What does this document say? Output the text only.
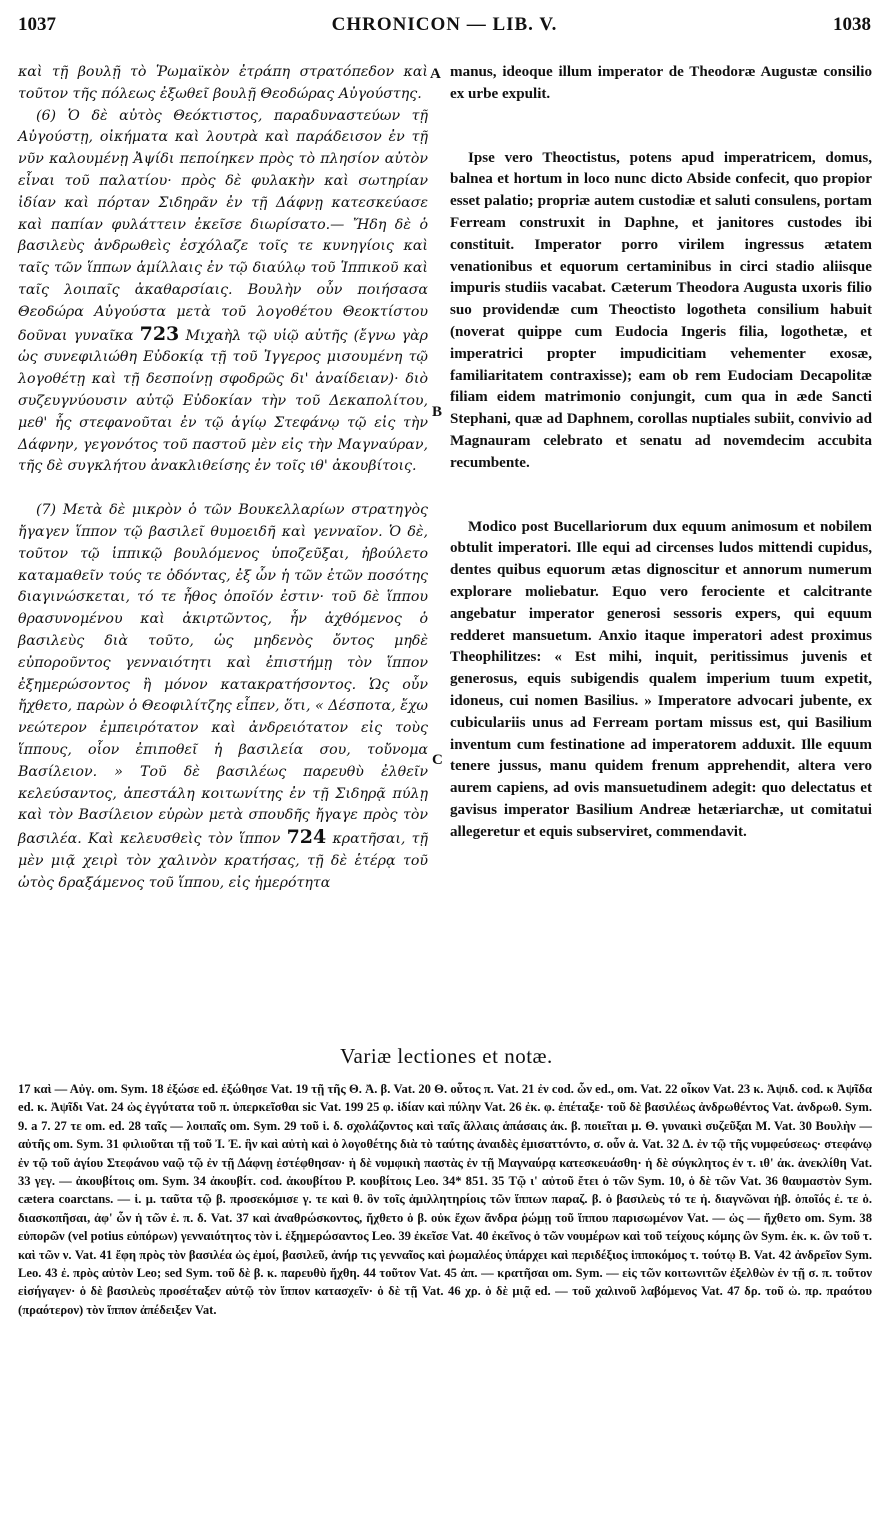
1037	CHRONICON — LIB. V.	1038

καὶ τῇ βουλῇ τὸ Ῥωμαϊκὸν ἐτράπη στρατόπεδον καὶ τοῦτον τῆς πόλεως ἐξωθεῖ βουλῇ Θεοδώρας Αὐγούστης.

(6) Ὁ δὲ αὐτὸς Θεόκτιστος, παραδυναστεύων τῇ Αὐγούστῃ, οἰκήματα καὶ λουτρὰ καὶ παράδεισον ἐν τῇ νῦν καλουμένῃ Ἀψίδι πεποίηκεν πρὸς τὸ πλησίον αὐτὸν εἶναι τοῦ παλατίου· πρὸς δὲ φυλακὴν καὶ σωτηρίαν ἰδίαν καὶ πόρταν Σιδηρᾶν ἐν τῇ Δάφνῃ κατεσκεύασε καὶ παπίαν φυλάττειν ἐκεῖσε διωρίσατο.— Ἤδη δὲ ὁ βασιλεὺς ἀνδρωθεὶς ἐσχόλαζε τοῖς τε κυνηγίοις καὶ ταῖς τῶν ἵππων ἁμίλλαις ἐν τῷ διαύλῳ τοῦ Ἱππικοῦ καὶ ταῖς λοιπαῖς ἀκαθαρσίαις. Βουλὴν οὖν ποιήσασα Θεοδώρα Αὐγούστα μετὰ τοῦ λογοθέτου Θεοκτίστου δοῦναι γυναῖκα 723 Μιχαὴλ τῷ υἱῷ αὐτῆς (ἔγνω γὰρ ὡς συνεφιλιώθη Εὐδοκίᾳ τῇ τοῦ Ἰγγερος μισουμένη τῷ λογοθέτῃ καὶ τῇ δεσποίνῃ σφοδρῶς δι' ἀναίδειαν)· διὸ συζευγνύουσιν αὐτῷ Εὐδοκίαν τὴν τοῦ Δεκαπολίτου, μεθ' ἧς στεφανοῦται ἐν τῷ ἁγίῳ Στεφάνῳ τῷ εἰς τὴν Δάφνην, γεγονότος τοῦ παστοῦ μὲν εἰς τὴν Μαγναύραν, τῆς δὲ συγκλήτου ἀνακλιθείσης ἐν τοῖς ιθ' ἀκουβίτοις.

(7) Μετὰ δὲ μικρὸν ὁ τῶν Βουκελλαρίων στρατηγὸς ἤγαγεν ἵππον τῷ βασιλεῖ θυμοειδῆ καὶ γενναῖον. Ὁ δὲ, τοῦτον τῷ ἱππικῷ βουλόμενος ὑποζεῦξαι, ἠβούλετο καταμαθεῖν τούς τε ὀδόντας, ἐξ ὧν ἡ τῶν ἐτῶν ποσότης διαγινώσκεται, τό τε ἦθος ὁποῖόν ἐστιν· τοῦ δὲ ἵππου θρασυνομένου καὶ ἀκιρτῶντος, ἦν ἀχθόμενος ὁ βασιλεὺς διὰ τοῦτο, ὡς μηδενὸς ὄντος μηδὲ εὐποροῦντος γενναιότητι καὶ ἐπιστήμῃ τὸν ἵππον ἐξημερώσοντος ἢ μόνον κατακρατήσοντος. Ὡς οὖν ἤχθετο, παρὼν ὁ Θεοφιλίτζης εἶπεν, ὅτι, « Δέσποτα, ἔχω νεώτερον ἐμπειρότατον καὶ ἀνδρειότατον εἰς τοὺς ἵππους, οἷον ἐπιποθεῖ ἡ βασιλεία σου, τοὔνομα Βασίλειον. » Τοῦ δὲ βασιλέως παρευθὺ ἐλθεῖν κελεύσαντος, ἀπεστάλη κοιτωνίτης ἐν τῇ Σιδηρᾷ πύλῃ καὶ τὸν Βασίλειον εὑρὼν μετὰ σπουδῆς ἤγαγε πρὸς τὸν βασιλέα. Καὶ κελευσθεὶς τὸν ἵππον 724 κρατῆσαι, τῇ μὲν μιᾷ χειρὶ τὸν χαλινὸν κρατήσας, τῇ δὲ ἑτέρᾳ τοῦ ὠτὸς δραξάμενος τοῦ ἵππου, εἰς ἡμερότητα

A
B
C

manus, ideoque illum imperator de Theodoræ Augustæ consilio ex urbe expulit.

Ipse vero Theoctistus, potens apud imperatricem, domus, balnea et hortum in loco nunc dicto Abside confecit, quo propior esset palatio; propriæ autem custodiæ et saluti consulens, portam Ferream construxit in Daphne, et janitores custodes ibi constituit. Imperator porro virilem ingressus ætatem venationibus et equorum certaminibus in circi stadio aliisque impuris studiis vacabat. Cæterum Theodora Augusta uxoris filio suo providendæ cum Theoctisto logotheta consilium habuit (noverat quippe cum Eudocia Ingeris filia, logothetæ, et imperatrici propter impudicitiam vehementer exosæ, familiaritatem contraxisse); eam ob rem Eudociam Decapolitæ filiam eidem matrimonio conjungit, cum qua in æde Sancti Stephani, quæ ad Daphnem, corollas nuptiales subiit, convivio ad Magnauram celebrato et senatu ad novemdecim accubita recumbente.

Modico post Bucellariorum dux equum animosum et nobilem obtulit imperatori. Ille equi ad circenses ludos mittendi cupidus, dentes quibus equorum ætas dignoscitur et annorum numerum explorare moliebatur. Equo vero ferociente et calcitrante angebatur imperator generosi sessoris expers, qui equum redderet mansuetum. Anxio itaque imperatori adest proximus Theophilitzes: « Est mihi, inquit, peritissimus juvenis et generosus, equis subigendis qualem imperium tuum expetit, idoneus, cui nomen Basilius. » Imperatore advocari jubente, ex cubiculariis unus ad Ferream portam missus est, qui Basilium inventum cum festinatione ad imperatorem adduxit. Ille equum tenere jussus, manu quidem frenum apprehendit, altera vero aurem capiens, ad ovis mansuetudinem adegit: quo delectatus et gavisus imperator Basilium Andreæ hetæriarchæ, ut comitatui allegeretur et equis subserviret, commendavit.

Variæ lectiones et notæ.
17 καὶ — Αὐγ. om. Sym. 18 ἐξώσε ed. ἐξώθησε Vat. 19 τῇ τῆς Θ. Ἀ. β. Vat. 20 Θ. οὗτος π. Vat. 21 ἐν cod. ὧν ed., om. Vat. 22 οἶκον Vat. 23 κ. Ἀψιδ. cod. κ Ἀψῖδα ed. κ. Ἀψῖδι Vat. 24 ὡς ἐγγύτατα τοῦ π. ὑπερκεῖσθαι sic Vat. 199 25 φ. ἰδίαν καὶ πύλην Vat. 26 ἐκ. φ. ἐπέταξε· τοῦ δὲ βασιλέως ἀνδρωθέντος Vat. ἀνδρωθ. Sym. 9. a 7. 27 τε om. ed. 28 ταῖς — λοιπαῖς om. Sym. 29 τοῦ ἱ. δ. σχολάζοντος καὶ ταῖς ἄλλαις ἁπάσαις ἀκ. β. ποιεῖται μ. Θ. γυναικὶ συζεῦξαι M. Vat. 30 Βουλὴν — αὐτῆς om. Sym. 31 φιλιοῦται τῇ τοῦ Ἰ. Ἐ. ἣν καὶ αὐτὴ καὶ ὁ λογοθέτης διὰ τὸ ταύτης ἀναιδὲς ἐμισαττόντο, σ. οὖν ἀ. Vat. 32 Δ. ἐν τῷ τῆς νυμφεύσεως· στεφάνῳ ἐν τῷ τοῦ ἁγίου Στεφάνου ναῷ τῷ ἐν τῇ Δάφνῃ ἐστέφθησαν· ἡ δὲ νυμφικὴ παστὰς ἐν τῇ Μαγναύρᾳ κατεσκευάσθη· ἡ δὲ σύγκλητος ἐν τ. ιθ' ἀκ. ἀνεκλίθη Vat. 33 γεγ. — ἀκουβίτοις om. Sym. 34 ἀκουβίτ. cod. ἀκουβίτου P. κουβίτοις Leo. 34* 851. 35 Τῷ ι' αὐτοῦ ἔτει ὁ τῶν Sym. 10, ὁ δὲ τῶν Vat. 36 θαυμαστὸν Sym. cætera coarctans. — ἱ. μ. ταῦτα τῷ β. προσεκόμισε γ. τε καὶ θ. ὃν τοῖς ἁμιλλητηρίοις τῶν ἵππων παραζ. β. ὁ βασιλεὺς τό τε ἠ. διαγνῶναι ἠβ. ὁποῖός ἐ. τε ὁ. διασκοπῆσαι, ἀφ' ὧν ἡ τῶν ἐ. π. δ. Vat. 37 καὶ ἀναθρώσκοντος, ἤχθετο ὁ β. οὐκ ἔχων ἄνδρα ῥώμῃ τοῦ ἵππου παρισωμένον Vat. — ὡς — ἤχθετο om. Sym. 38 εὐπορῶν (vel potius εὐπόρων) γενναιότητος τὸν ἱ. ἐξημερώσαντος Leo. 39 ἐκεῖσε Vat. 40 ἐκεῖνος ὁ τῶν νουμέρων καὶ τοῦ τείχους κόμης ὢν Sym. ἐκ. κ. ὢν τοῦ τ. καὶ τῶν ν. Vat. 41 ἔφη πρὸς τὸν βασιλέα ὡς ἐμοί, βασιλεῦ, ἀνήρ τις γενναῖος καὶ ῥωμαλέος ὑπάρχει καὶ περιδέξιος ἱπποκόμος τ. τούτῳ Β. Vat. 42 ἀνδρεῖον Sym. Leo. 43 ἐ. πρὸς αὐτὸν Leo; sed Sym. τοῦ δὲ β. κ. παρευθὺ ἤχθη. 44 τοῦτον Vat. 45 ἀπ. — κρατῆσαι om. Sym. — εἰς τῶν κοιτωνιτῶν ἐξελθὼν ἐν τῇ σ. π. τοῦτον εἰσήγαγεν· ὁ δὲ βασιλεὺς προσέταξεν αὐτῷ τὸν ἵππον κατασχεῖν· ὁ δὲ τῇ Vat. 46 χρ. ὁ δὲ μιᾷ ed. — τοῦ χαλινοῦ λαβόμενος Vat. 47 δρ. τοῦ ὠ. πρ. πραότου (πραότερον) τὸν ἵππον ἀπέδειξεν Vat.
